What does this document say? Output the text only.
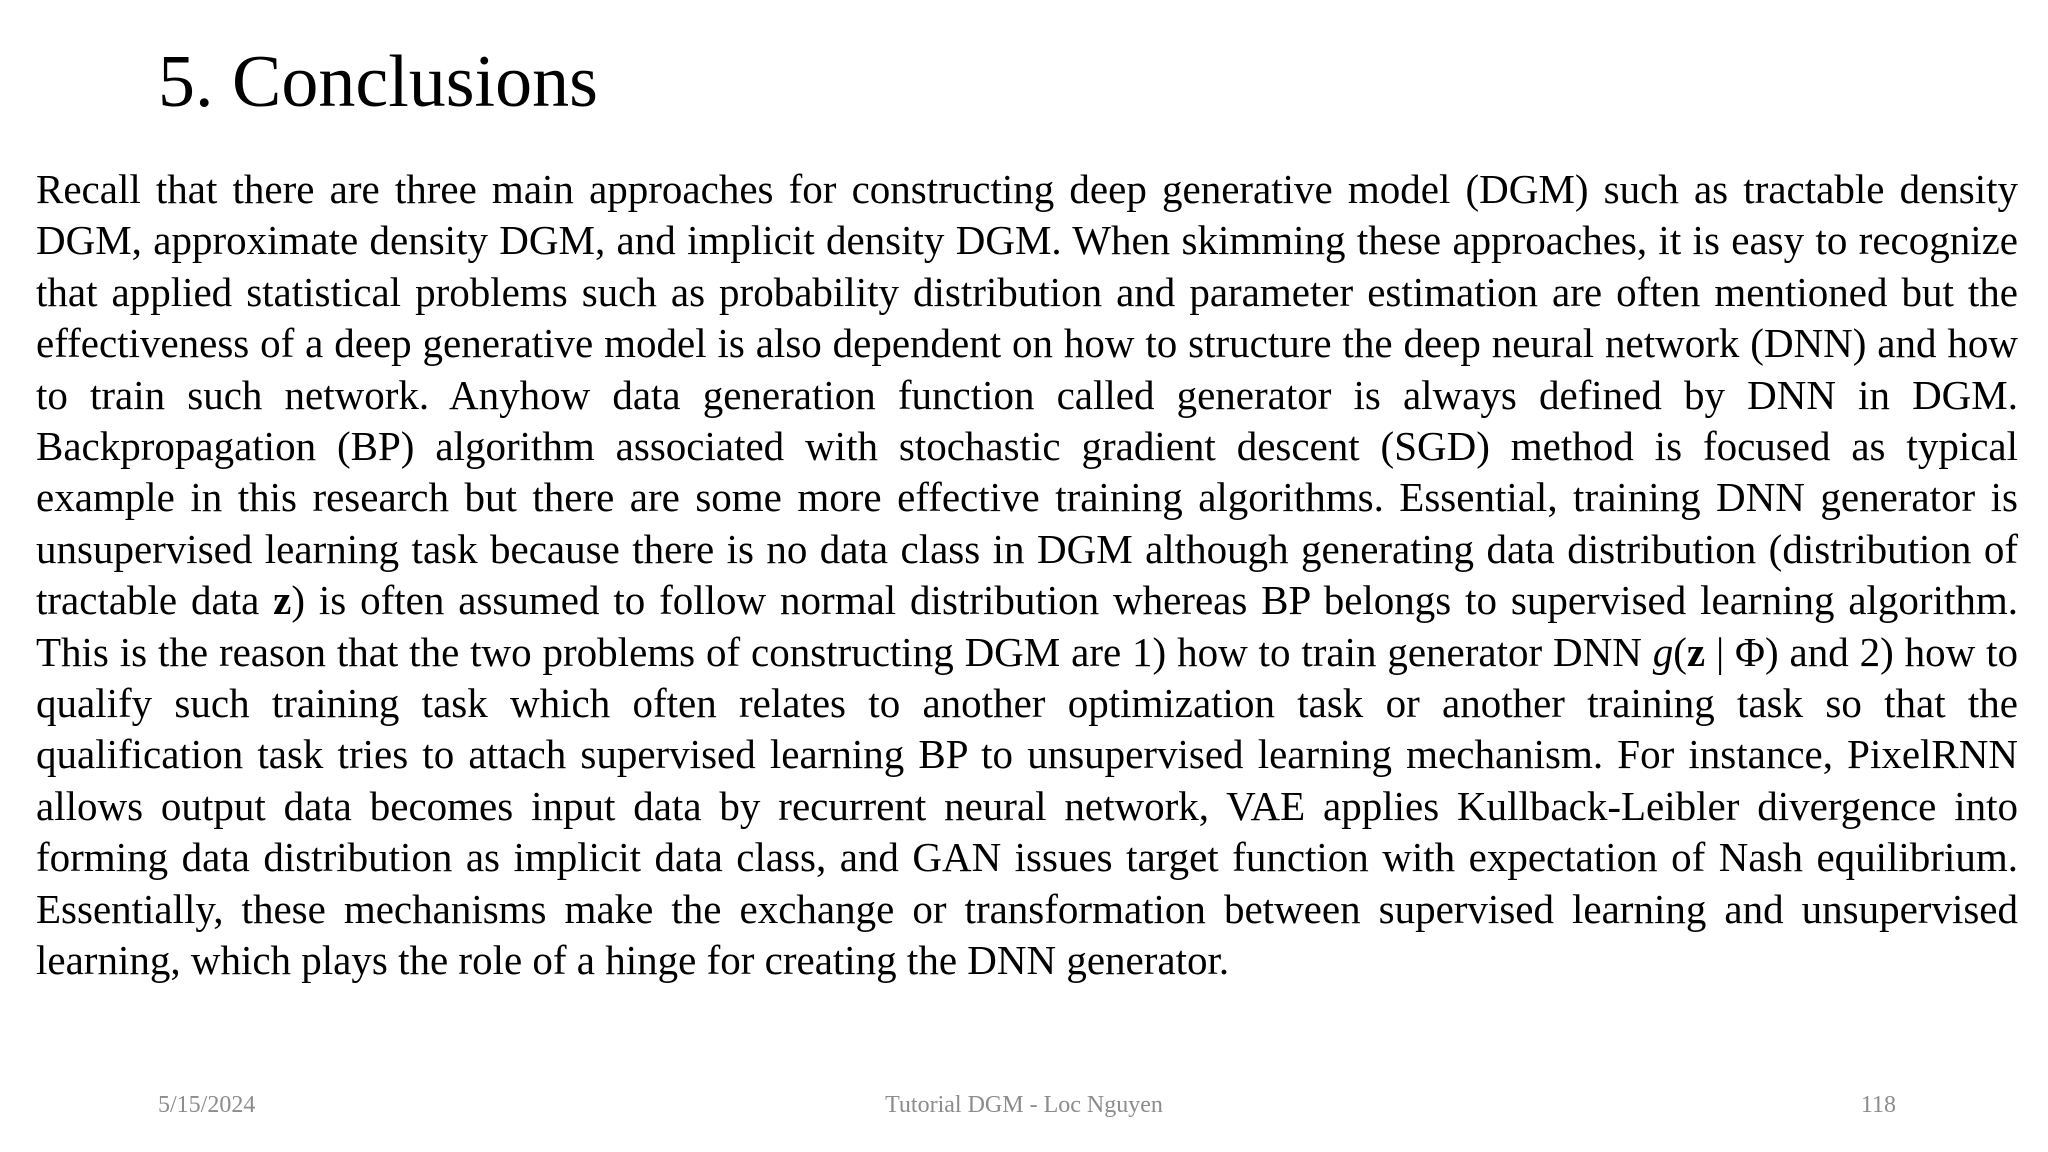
5. Conclusions

Recall that there are three main approaches for constructing deep generative model (DGM) such as tractable density DGM, approximate density DGM, and implicit density DGM. When skimming these approaches, it is easy to recognize that applied statistical problems such as probability distribution and parameter estimation are often mentioned but the effectiveness of a deep generative model is also dependent on how to structure the deep neural network (DNN) and how to train such network. Anyhow data generation function called generator is always defined by DNN in DGM. Backpropagation (BP) algorithm associated with stochastic gradient descent (SGD) method is focused as typical example in this research but there are some more effective training algorithms. Essential, training DNN generator is unsupervised learning task because there is no data class in DGM although generating data distribution (distribution of tractable data z) is often assumed to follow normal distribution whereas BP belongs to supervised learning algorithm. This is the reason that the two problems of constructing DGM are 1) how to train generator DNN g(z | Φ) and 2) how to qualify such training task which often relates to another optimization task or another training task so that the qualification task tries to attach supervised learning BP to unsupervised learning mechanism. For instance, PixelRNN allows output data becomes input data by recurrent neural network, VAE applies Kullback-Leibler divergence into forming data distribution as implicit data class, and GAN issues target function with expectation of Nash equilibrium. Essentially, these mechanisms make the exchange or transformation between supervised learning and unsupervised learning, which plays the role of a hinge for creating the DNN generator.

5/15/2024	Tutorial DGM - Loc Nguyen	118
